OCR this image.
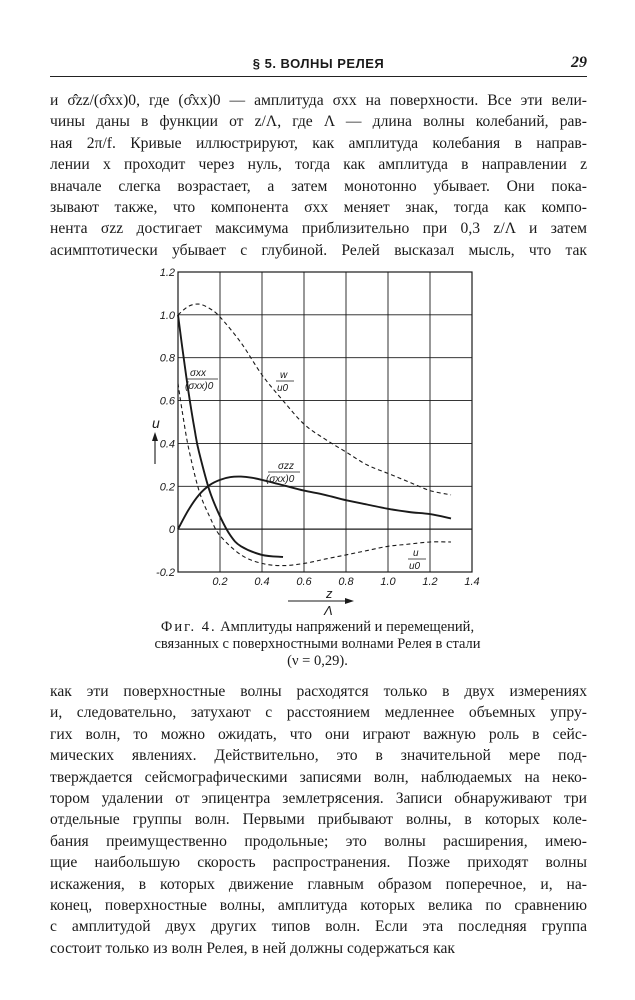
§ 5. ВОЛНЫ РЕЛЕЯ	29
и σ̂zz/(σ̂xx)0, где (σ̂xx)0 — амплитуда σxx на поверхности. Все эти вели-
чины даны в функции от z/Λ, где Λ — длина волны колебаний, рав-
ная 2π/f. Кривые иллюстрируют, как амплитуда колебания в направ-
лении x проходит через нуль, тогда как амплитуда в направлении z
вначале слегка возрастает, а затем монотонно убывает. Они пока-
зывают также, что компонента σxx меняет знак, тогда как компо-
нента σzz достигает максимума приблизительно при 0,3 z/Λ и затем
асимптотически убывает с глубиной. Релей высказал мысль, что так
0.2 0.4 0.6 0.8 1.0 1.2 1.4
-0.2
0
0.2
0.4
0.6
0.8
1.0
1.2
u
z
Λ
σxx
(σxx)0
σzz
(σxx)0
w
u0
u
u0
Фиг. 4. Амплитуды напряжений и перемещений,
связанных с поверхностными волнами Релея в стали
(ν = 0,29).
как эти поверхностные волны расходятся только в двух измерениях
и, следовательно, затухают с расстоянием медленнее объемных упру-
гих волн, то можно ожидать, что они играют важную роль в сейс-
мических явлениях. Действительно, это в значительной мере под-
тверждается сейсмографическими записями волн, наблюдаемых на неко-
тором удалении от эпицентра землетрясения. Записи обнаруживают три
отдельные группы волн. Первыми прибывают волны, в которых коле-
бания преимущественно продольные; это волны расширения, имею-
щие наибольшую скорость распространения. Позже приходят волны
искажения, в которых движение главным образом поперечное, и, на-
конец, поверхностные волны, амплитуда которых велика по сравнению
с амплитудой двух других типов волн. Если эта последняя группа
состоит только из волн Релея, в ней должны содержаться как
